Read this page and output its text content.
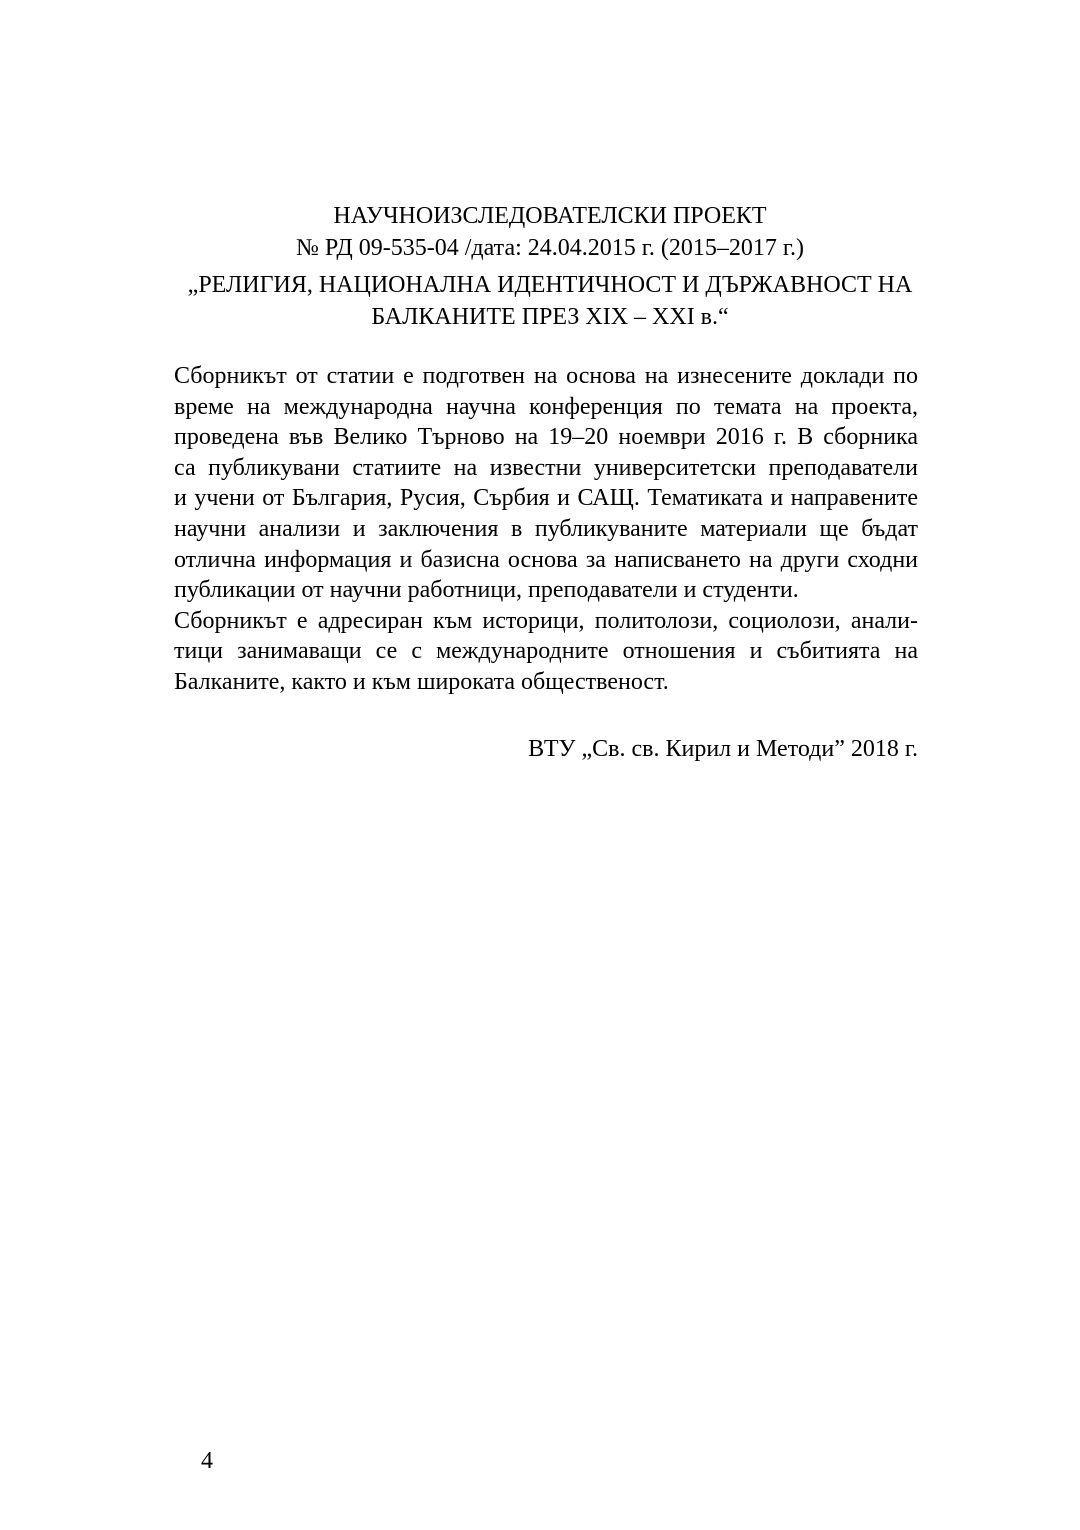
НАУЧНОИЗСЛЕДОВАТЕЛСКИ ПРОЕКТ
№ РД 09-535-04 /дата: 24.04.2015 г. (2015–2017 г.)
„РЕЛИГИЯ, НАЦИОНАЛНА ИДЕНТИЧНОСТ И ДЪРЖАВНОСТ НА
БАЛКАНИТЕ ПРЕЗ XIX – XXI в.“
Сборникът от статии е подготвен на основа на изнесените доклади по
време на международна научна конференция по темата на проекта,
проведена във Велико Търново на 19–20 ноември 2016 г. В сборника
са публикувани статиите на известни университетски преподаватели
и учени от България, Русия, Сърбия и САЩ. Тематиката и направените
научни анализи и заключения в публикуваните материали ще бъдат
отлична информация и базисна основа за написването на други сходни
публикации от научни работници, преподаватели и студенти.
Сборникът е адресиран към историци, политолози, социолози, анали-
тици занимаващи се с международните отношения и събитията на
Балканите, както и към широката общественост.
ВТУ „Св. св. Кирил и Методи” 2018 г.
4
